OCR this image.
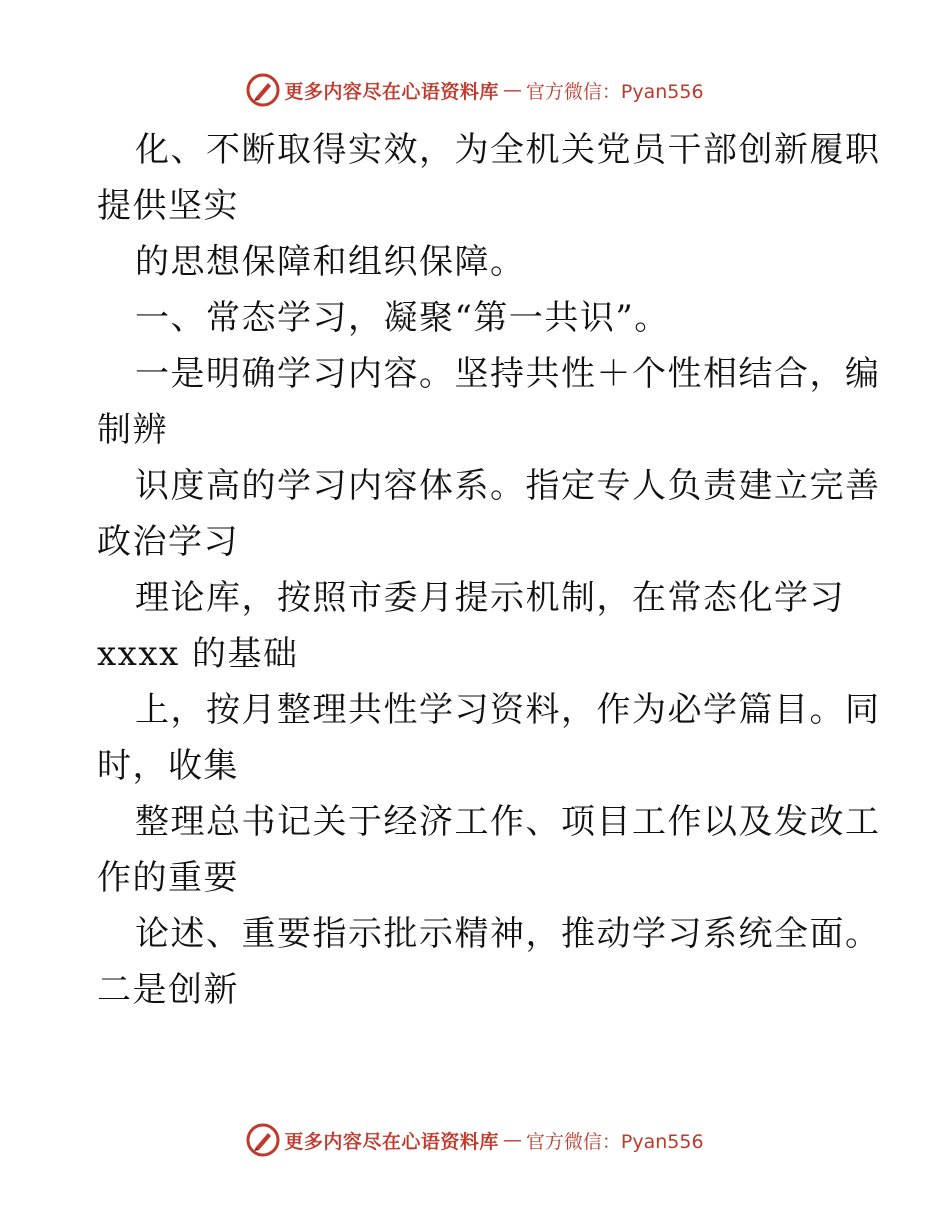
更多内容尽在心语资料库 — 官方微信：Pyan556
化、不断取得实效，为全机关党员干部创新履职
提供坚实
的思想保障和组织保障。
一、常态学习，凝聚“第一共识”。
一是明确学习内容。坚持共性＋个性相结合，编
制辨
识度高的学习内容体系。指定专人负责建立完善
政治学习
理论库，按照市委月提示机制，在常态化学习
xxxx 的基础
上，按月整理共性学习资料，作为必学篇目。同
时，收集
整理总书记关于经济工作、项目工作以及发改工
作的重要
论述、重要指示批示精神，推动学习系统全面。
二是创新
更多内容尽在心语资料库 — 官方微信：Pyan556
